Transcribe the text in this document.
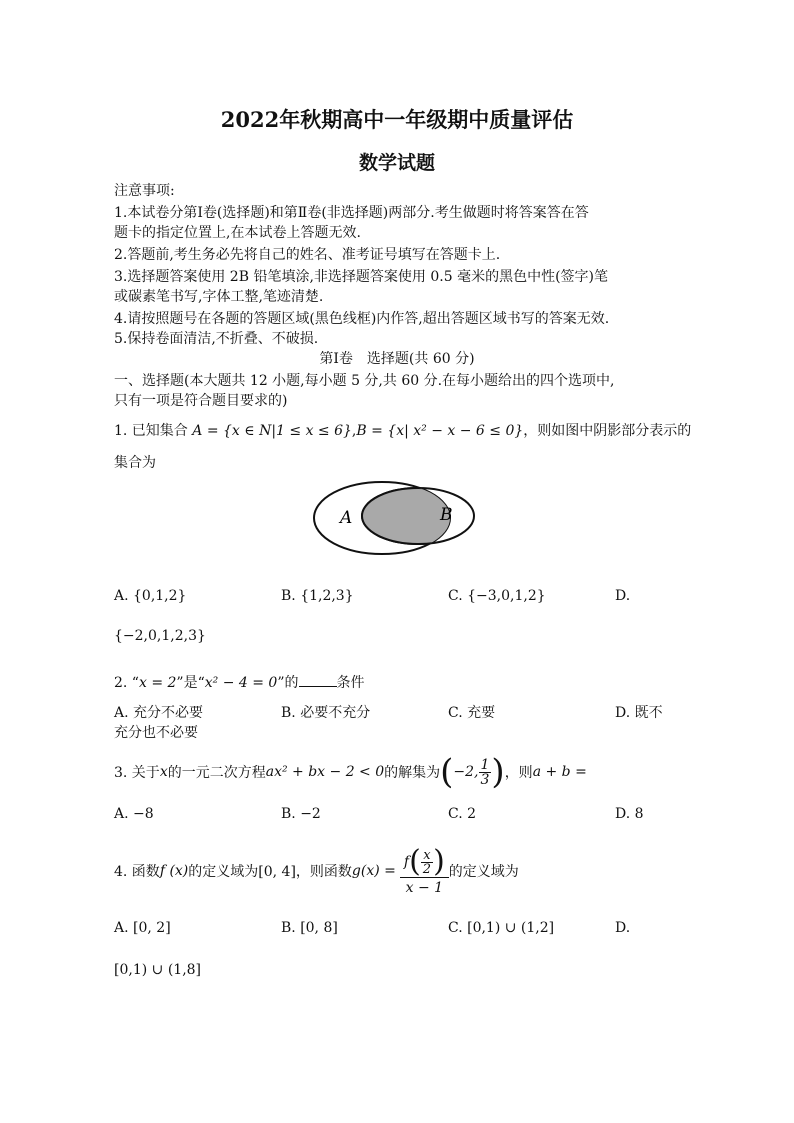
2022年秋期高中一年级期中质量评估
数学试题
注意事项:
1.本试卷分第Ⅰ卷(选择题)和第Ⅱ卷(非选择题)两部分.考生做题时将答案答在答
题卡的指定位置上,在本试卷上答题无效.
2.答题前,考生务必先将自己的姓名、准考证号填写在答题卡上.
3.选择题答案使用 2B 铅笔填涂,非选择题答案使用 0.5 毫米的黑色中性(签字)笔
或碳素笔书写,字体工整,笔迹清楚.
4.请按照题号在各题的答题区域(黑色线框)内作答,超出答题区域书写的答案无效.
5.保持卷面清洁,不折叠、不破损.
第Ⅰ卷　选择题(共 60 分)
一、选择题(本大题共 12 小题,每小题 5 分,共 60 分.在每小题给出的四个选项中,
只有一项是符合题目要求的)
1. 已知集合 A = {x ∈ N|1 ≤ x ≤ 6},B = {x| x² − x − 6 ≤ 0}，则如图中阴影部分表示的
集合为
A	B
A. {0,1,2}	B. {1,2,3}	C. {−3,0,1,2}	D.
{−2,0,1,2,3}
2. “x = 2”是“x² − 4 = 0”的	条件
A. 充分不必要	B. 必要不充分	C. 充要	D. 既不
充分也不必要
3. 关于 x 的一元二次方程 ax² + bx − 2 < 0 的解集为 ( −2, $\frac{1}{3}$ ) ，则 a + b =
A. −8	B. −2	C. 2	D. 8
4. 函数 f (x) 的定义域为[0, 4]，则函数 $g(x) = \frac{f( \frac{x}{2} )}{x - 1}$ 的定义域为
A. [0, 2]	B. [0, 8]	C. [0,1) ∪ (1,2]	D.
[0,1) ∪ (1,8]
